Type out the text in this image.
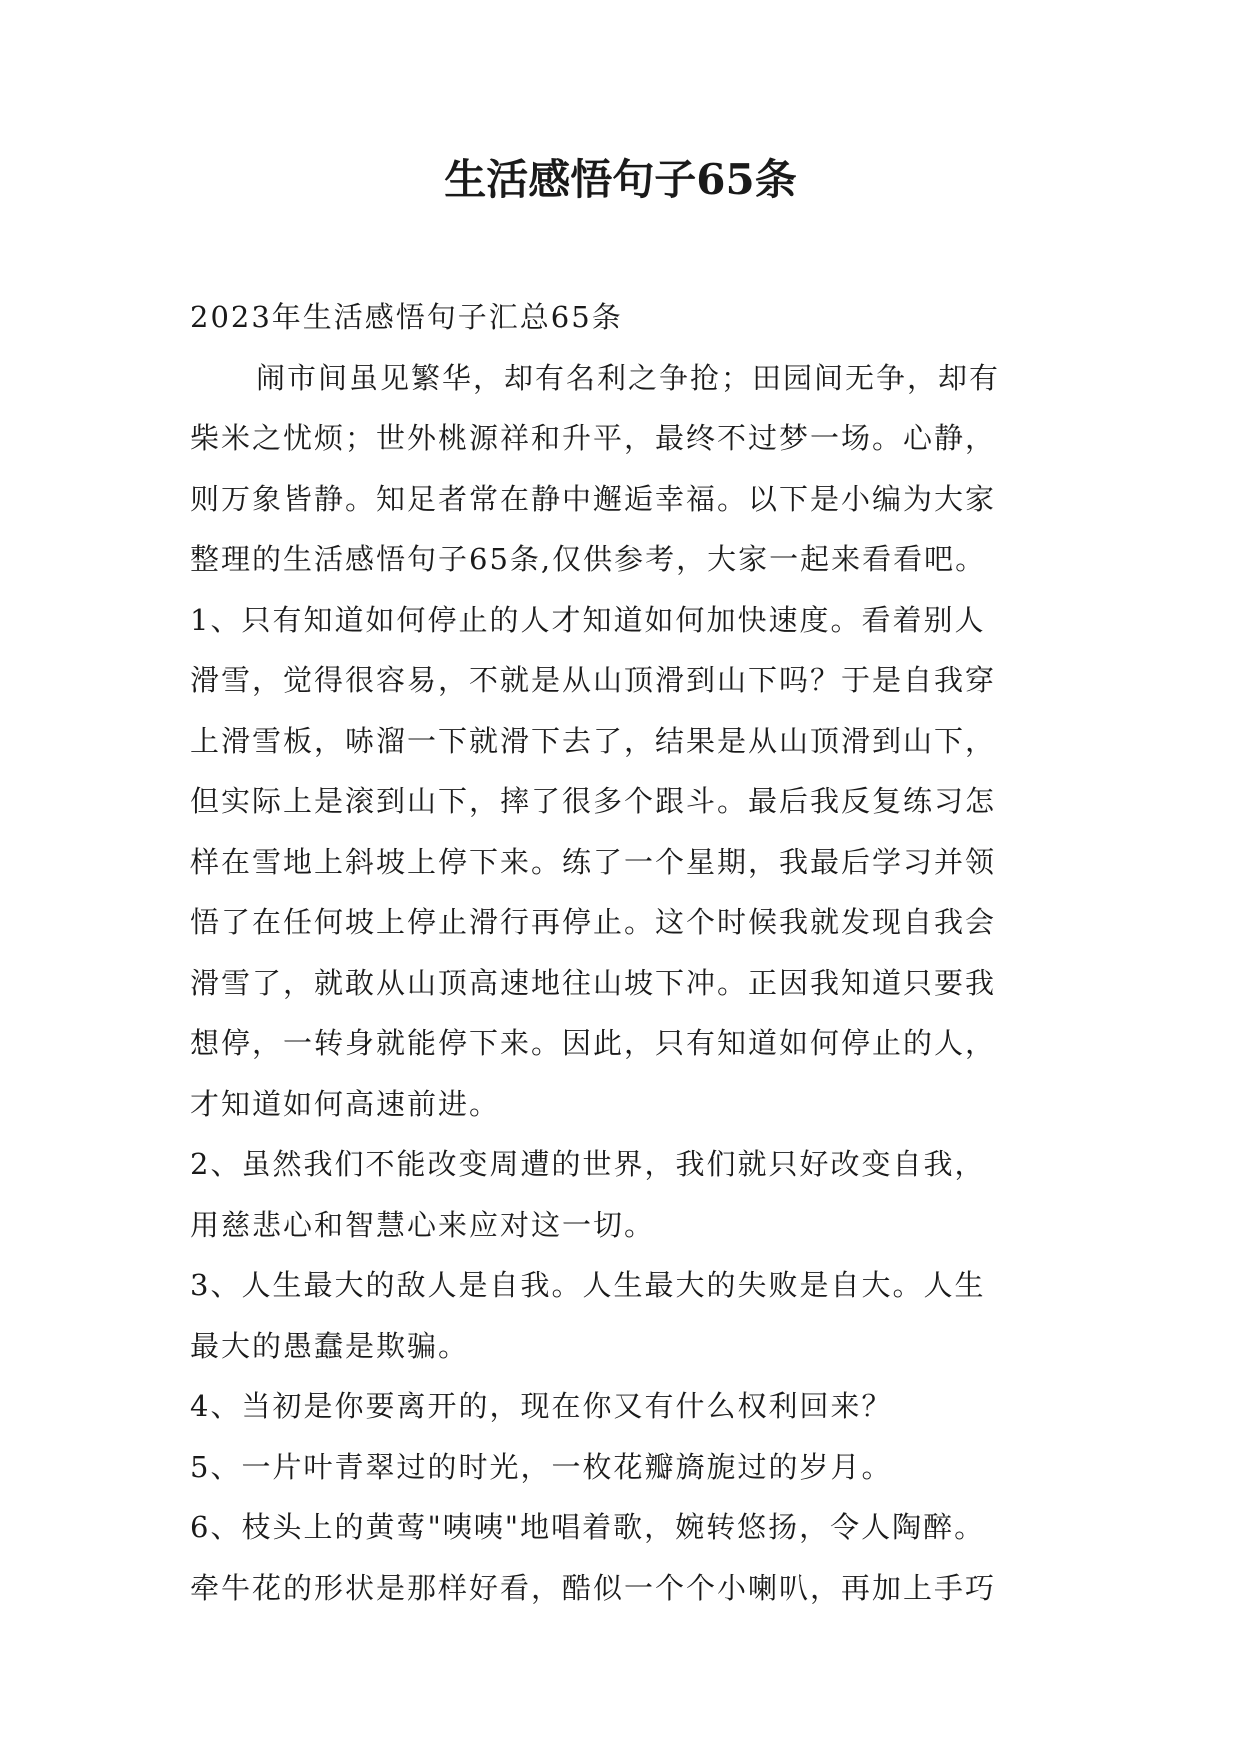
生活感悟句子65条
2023年生活感悟句子汇总65条
闹市间虽见繁华，却有名利之争抢；田园间无争，却有
柴米之忧烦；世外桃源祥和升平，最终不过梦一场。心静，
则万象皆静。知足者常在静中邂逅幸福。以下是小编为大家
整理的生活感悟句子65条,仅供参考，大家一起来看看吧。
1、只有知道如何停止的人才知道如何加快速度。看着别人
滑雪，觉得很容易，不就是从山顶滑到山下吗？于是自我穿
上滑雪板，哧溜一下就滑下去了，结果是从山顶滑到山下，
但实际上是滚到山下，摔了很多个跟斗。最后我反复练习怎
样在雪地上斜坡上停下来。练了一个星期，我最后学习并领
悟了在任何坡上停止滑行再停止。这个时候我就发现自我会
滑雪了，就敢从山顶高速地往山坡下冲。正因我知道只要我
想停，一转身就能停下来。因此，只有知道如何停止的人，
才知道如何高速前进。
2、虽然我们不能改变周遭的世界，我们就只好改变自我，
用慈悲心和智慧心来应对这一切。
3、人生最大的敌人是自我。人生最大的失败是自大。人生
最大的愚蠢是欺骗。
4、当初是你要离开的，现在你又有什么权利回来？
5、一片叶青翠过的时光，一枚花瓣旖旎过的岁月。
6、枝头上的黄莺"咦咦"地唱着歌，婉转悠扬，令人陶醉。
牵牛花的形状是那样好看，酷似一个个小喇叭，再加上手巧
